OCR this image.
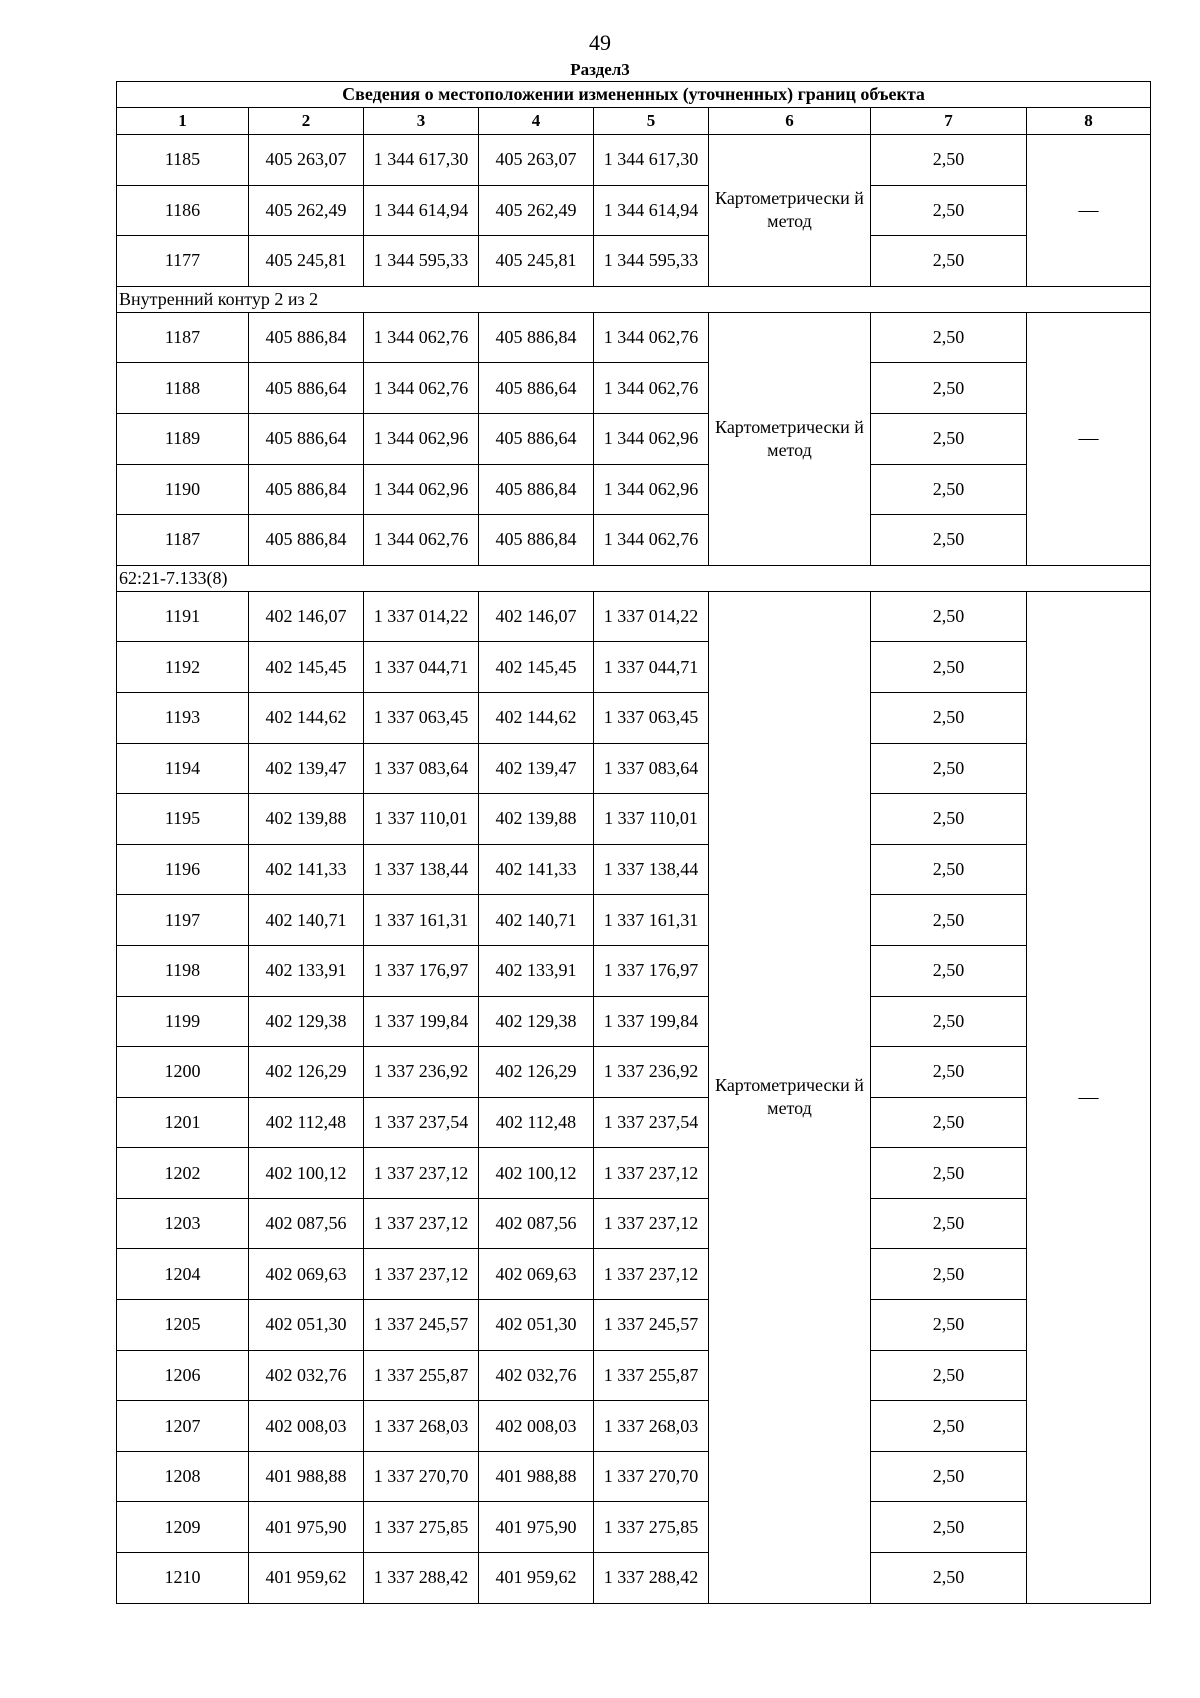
49
Раздел3
Сведения о местоположении измененных (уточненных) границ объекта							
1	2	3	4	5	6	7	8
1185	405 263,07	1 344 617,30	405 263,07	1 344 617,30	Картометрически й метод	2,50	—
1186	405 262,49	1 344 614,94	405 262,49	1 344 614,94		2,50	
1177	405 245,81	1 344 595,33	405 245,81	1 344 595,33		2,50	
Внутренний контур 2 из 2							
1187	405 886,84	1 344 062,76	405 886,84	1 344 062,76	Картометрически й метод	2,50	—
1188	405 886,64	1 344 062,76	405 886,64	1 344 062,76		2,50	
1189	405 886,64	1 344 062,96	405 886,64	1 344 062,96		2,50	
1190	405 886,84	1 344 062,96	405 886,84	1 344 062,96		2,50	
1187	405 886,84	1 344 062,76	405 886,84	1 344 062,76		2,50	
62:21-7.133(8)							
1191	402 146,07	1 337 014,22	402 146,07	1 337 014,22	Картометрически й метод	2,50	—
1192	402 145,45	1 337 044,71	402 145,45	1 337 044,71		2,50	
1193	402 144,62	1 337 063,45	402 144,62	1 337 063,45		2,50	
1194	402 139,47	1 337 083,64	402 139,47	1 337 083,64		2,50	
1195	402 139,88	1 337 110,01	402 139,88	1 337 110,01		2,50	
1196	402 141,33	1 337 138,44	402 141,33	1 337 138,44		2,50	
1197	402 140,71	1 337 161,31	402 140,71	1 337 161,31		2,50	
1198	402 133,91	1 337 176,97	402 133,91	1 337 176,97		2,50	
1199	402 129,38	1 337 199,84	402 129,38	1 337 199,84		2,50	
1200	402 126,29	1 337 236,92	402 126,29	1 337 236,92		2,50	
1201	402 112,48	1 337 237,54	402 112,48	1 337 237,54		2,50	
1202	402 100,12	1 337 237,12	402 100,12	1 337 237,12		2,50	
1203	402 087,56	1 337 237,12	402 087,56	1 337 237,12		2,50	
1204	402 069,63	1 337 237,12	402 069,63	1 337 237,12		2,50	
1205	402 051,30	1 337 245,57	402 051,30	1 337 245,57		2,50	
1206	402 032,76	1 337 255,87	402 032,76	1 337 255,87		2,50	
1207	402 008,03	1 337 268,03	402 008,03	1 337 268,03		2,50	
1208	401 988,88	1 337 270,70	401 988,88	1 337 270,70		2,50	
1209	401 975,90	1 337 275,85	401 975,90	1 337 275,85		2,50	
1210	401 959,62	1 337 288,42	401 959,62	1 337 288,42		2,50	
